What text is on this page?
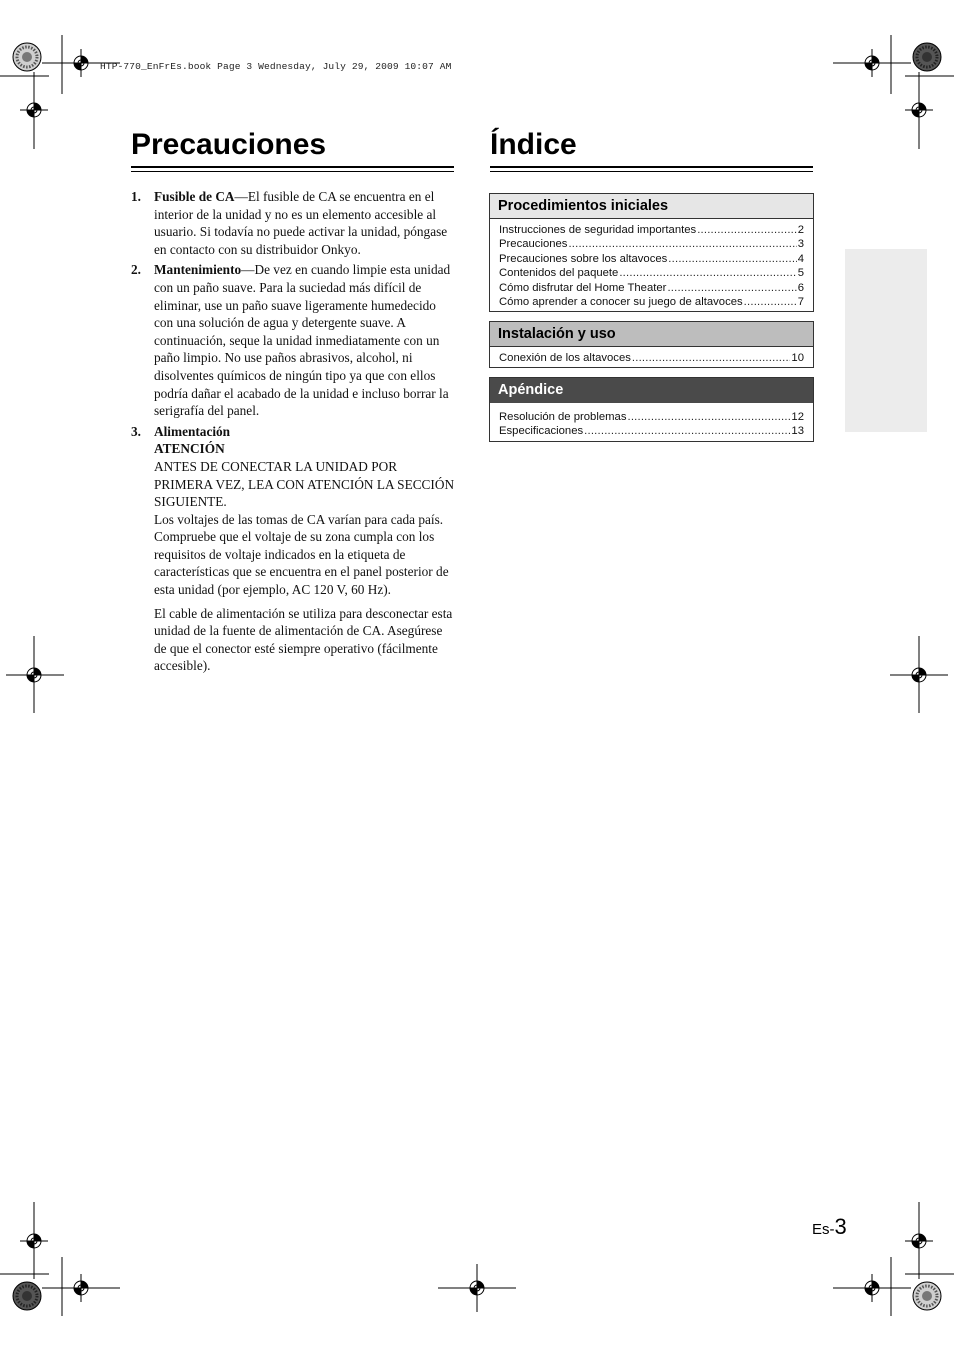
HTP-770_EnFrEs.book Page 3 Wednesday, July 29, 2009 10:07 AM
Precauciones
1. Fusible de CA—El fusible de CA se encuentra en el interior de la unidad y no es un elemento accesible al usuario. Si todavía no puede activar la unidad, póngase en contacto con su distribuidor Onkyo.

2. Mantenimiento—De vez en cuando limpie esta unidad con un paño suave. Para la suciedad más difícil de eliminar, use un paño suave ligeramente humedecido con una solución de agua y detergente suave. A continuación, seque la unidad inmediatamente con un paño limpio. No use paños abrasivos, alcohol, ni disolventes químicos de ningún tipo ya que con ellos podría dañar el acabado de la unidad e incluso borrar la serigrafía del panel.

3. Alimentación
ATENCIÓN
ANTES DE CONECTAR LA UNIDAD POR PRIMERA VEZ, LEA CON ATENCIÓN LA SECCIÓN SIGUIENTE.
Los voltajes de las tomas de CA varían para cada país. Compruebe que el voltaje de su zona cumpla con los requisitos de voltaje indicados en la etiqueta de características que se encuentra en el panel posterior de esta unidad (por ejemplo, AC 120 V, 60 Hz).
El cable de alimentación se utiliza para desconectar esta unidad de la fuente de alimentación de CA. Asegúrese de que el conector esté siempre operativo (fácilmente accesible).
Índice
Procedimientos iniciales
Instrucciones de seguridad importantes .....	2
Precauciones .....	3
Precauciones sobre los altavoces .....	4
Contenidos del paquete .....	5
Cómo disfrutar del Home Theater .....	6
Cómo aprender a conocer su juego de altavoces .....	7
Instalación y uso
Conexión de los altavoces .....	10
Apéndice
Resolución de problemas .....	12
Especificaciones .....	13
Es-3
